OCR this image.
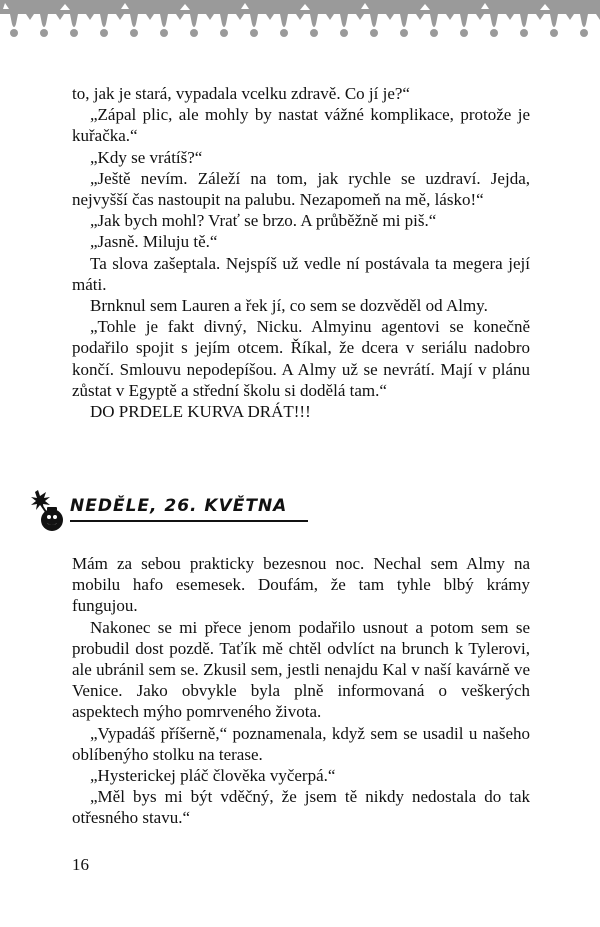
to, jak je stará, vypadala vcelku zdravě. Co jí je?“
„Zápal plic, ale mohly by nastat vážné komplikace, protože je kuřačka.“
„Kdy se vrátíš?“
„Ještě nevím. Záleží na tom, jak rychle se uzdraví. Jejda, nejvyšší čas nastoupit na palubu. Nezapomeň na mě, lásko!“
„Jak bych mohl? Vrať se brzo. A průběžně mi piš.“
„Jasně. Miluju tě.“
Ta slova zašeptala. Nejspíš už vedle ní postávala ta megera její máti.
Brnknul sem Lauren a řek jí, co sem se dozvěděl od Almy.
„Tohle je fakt divný, Nicku. Almyinu agentovi se konečně podařilo spojit s jejím otcem. Říkal, že dcera v seriálu nadobro končí. Smlouvu nepodepíšou. A Almy už se nevrátí. Mají v plánu zůstat v Egyptě a střední školu si dodělá tam.“
DO PRDELE KURVA DRÁT!!!
NEDĚLE, 26. KVĚTNA
Mám za sebou prakticky bezesnou noc. Nechal sem Almy na mobilu hafo esemesek. Doufám, že tam tyhle blbý krámy fungujou.
Nakonec se mi přece jenom podařilo usnout a potom sem se probudil dost pozdě. Taťík mě chtěl odvlíct na brunch k Tylerovi, ale ubránil sem se. Zkusil sem, jestli nenajdu Kal v naší kavárně ve Venice. Jako obvykle byla plně informovaná o veškerých aspektech mýho pomrveného života.
„Vypadáš příšerně,“ poznamenala, když sem se usadil u našeho oblíbenýho stolku na terase.
„Hysterickej pláč člověka vyčerpá.“
„Měl bys mi být vděčný, že jsem tě nikdy nedostala do tak otřesného stavu.“
16
